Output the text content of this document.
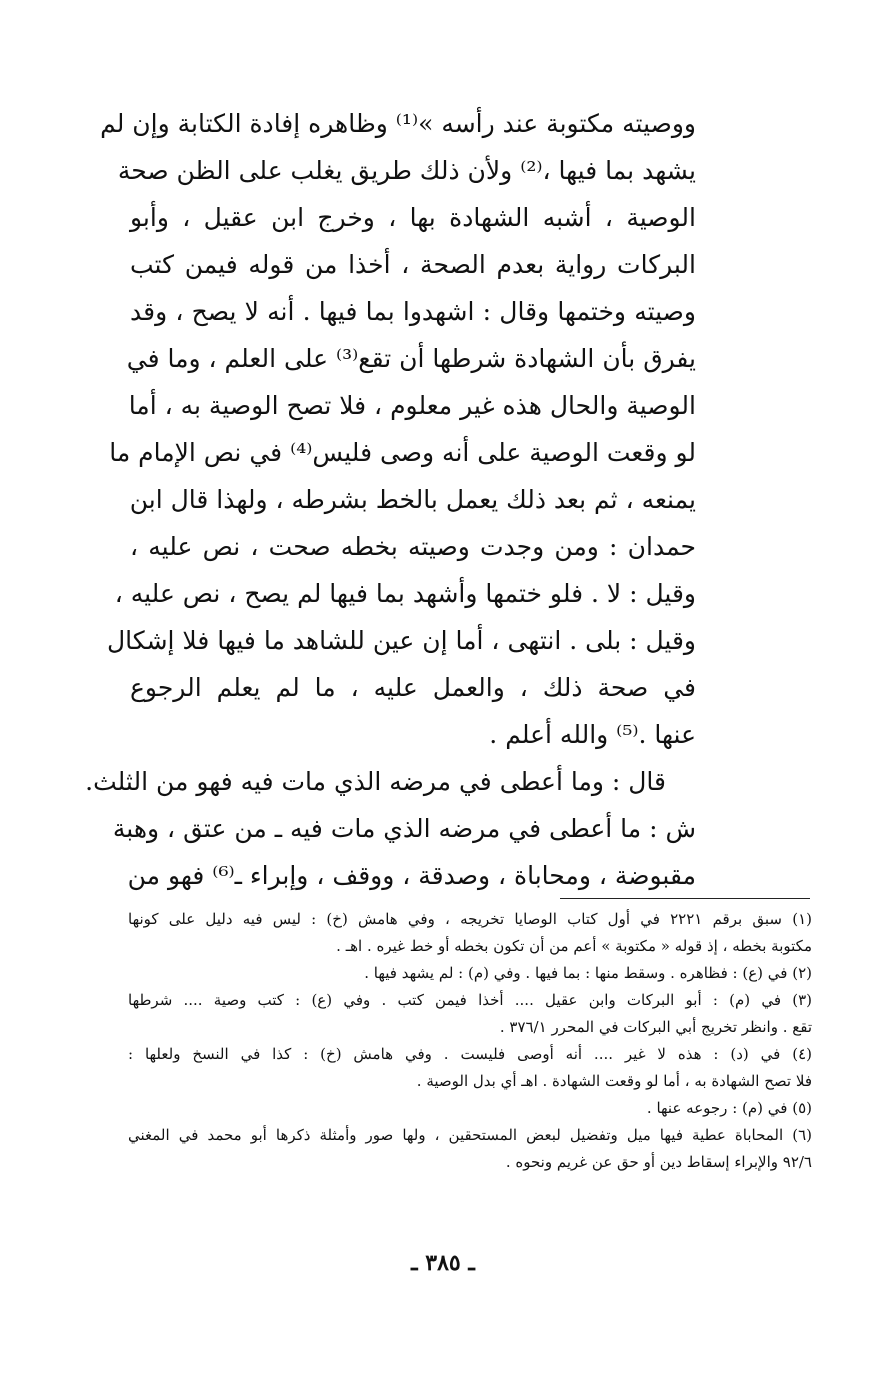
ووصيته مكتوبة عند رأسه »⁽¹⁾ وظاهره إفادة الكتابة وإن لم
يشهد بما فيها ،⁽²⁾ ولأن ذلك طريق يغلب على الظن صحة
الوصية ، أشبه الشهادة بها ، وخرج ابن عقيل ، وأبو
البركات رواية بعدم الصحة ، أخذا من قوله فيمن كتب
وصيته وختمها وقال : اشهدوا بما فيها . أنه لا يصح ، وقد
يفرق بأن الشهادة شرطها أن تقع⁽³⁾ على العلم ، وما في
الوصية والحال هذه غير معلوم ، فلا تصح الوصية به ، أما
لو وقعت الوصية على أنه وصى فليس⁽⁴⁾ في نص الإمام ما
يمنعه ، ثم بعد ذلك يعمل بالخط بشرطه ، ولهذا قال ابن
حمدان : ومن وجدت وصيته بخطه صحت ، نص عليه ،
وقيل : لا . فلو ختمها وأشهد بما فيها لم يصح ، نص عليه ،
وقيل : بلى . انتهى ، أما إن عين للشاهد ما فيها فلا إشكال
في صحة ذلك ، والعمل عليه ، ما لم يعلم الرجوع
عنها .⁽⁵⁾ والله أعلم .
قال : وما أعطى في مرضه الذي مات فيه فهو من الثلث.
ش : ما أعطى في مرضه الذي مات فيه ـ من عتق ، وهبة
مقبوضة ، ومحاباة ، وصدقة ، ووقف ، وإبراء ـ⁽⁶⁾ فهو من
(١) سبق برقم ٢٢٢١ في أول كتاب الوصايا تخريجه ، وفي هامش (خ) : ليس فيه دليل على كونها
مكتوبة بخطه ، إذ قوله « مكتوبة » أعم من أن تكون بخطه أو خط غيره . اهـ .
(٢) في (ع) : فظاهره . وسقط منها : بما فيها . وفي (م) : لم يشهد فيها .
(٣) في (م) : أبو البركات وابن عقيل .... أخذا فيمن كتب . وفي (ع) : كتب وصية .... شرطها
تقع . وانظر تخريج أبي البركات في المحرر ٣٧٦/١ .
(٤) في (د) : هذه لا غير .... أنه أوصى فليست . وفي هامش (خ) : كذا في النسخ ولعلها :
فلا تصح الشهادة به ، أما لو وقعت الشهادة . اهـ أي بدل الوصية .
(٥) في (م) : رجوعه عنها .
(٦) المحاباة عطية فيها ميل وتفضيل لبعض المستحقين ، ولها صور وأمثلة ذكرها أبو محمد في المغني
٩٢/٦ والإبراء إسقاط دين أو حق عن غريم ونحوه .
ـ ٣٨٥ ـ
